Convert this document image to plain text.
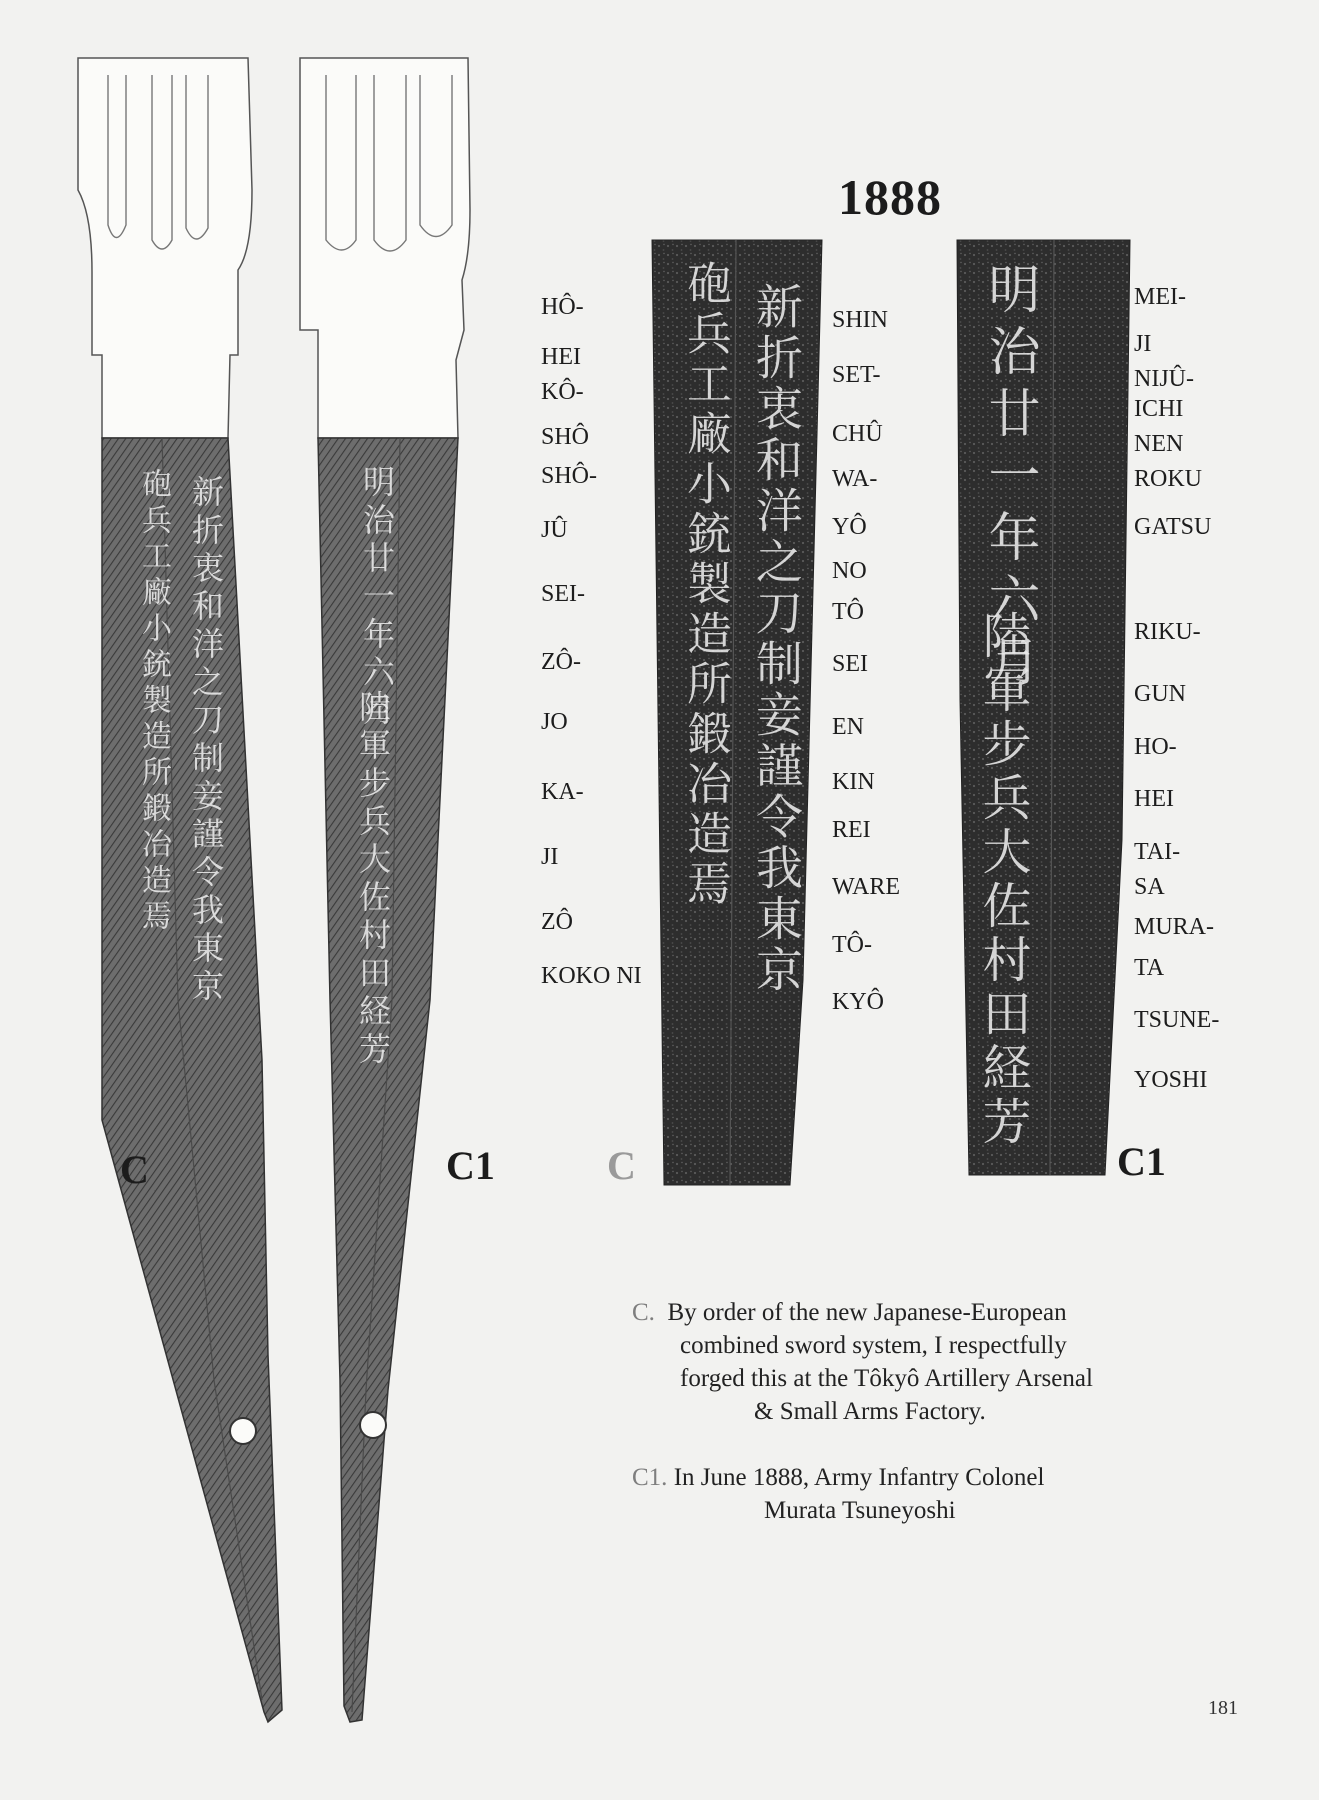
新折衷和洋之刀制妾謹令我東京
砲兵工廠小銃製造所鍛冶造焉	明治廿一年六月
陸軍步兵大佐村田経芳	新折衷和洋之刀制妾謹令我東京
砲兵工廠小銃製造所鍛冶造焉	明治廿一年六月
陸軍步兵大佐村田経芳
1888
HÔ-
HEI
KÔ-
SHÔ
SHÔ-
JÛ
SEI-
ZÔ-
JO
KA-
JI
ZÔ
KOKO NI
SHIN
SET-
CHÛ
WA-
YÔ
NO
TÔ
SEI
EN
KIN
REI
WARE
TÔ-
KYÔ
MEI-
JI
NIJÛ-
ICHI
NEN
ROKU
GATSU
RIKU-
GUN
HO-
HEI
TAI-
SA
MURA-
TA
TSUNE-
YOSHI
C	C1	C	C1
C. By order of the new Japanese-European
combined sword system, I respectfully
forged this at the Tôkyô Artillery Arsenal
& Small Arms Factory.
C1. In June 1888, Army Infantry Colonel
Murata Tsuneyoshi
181
